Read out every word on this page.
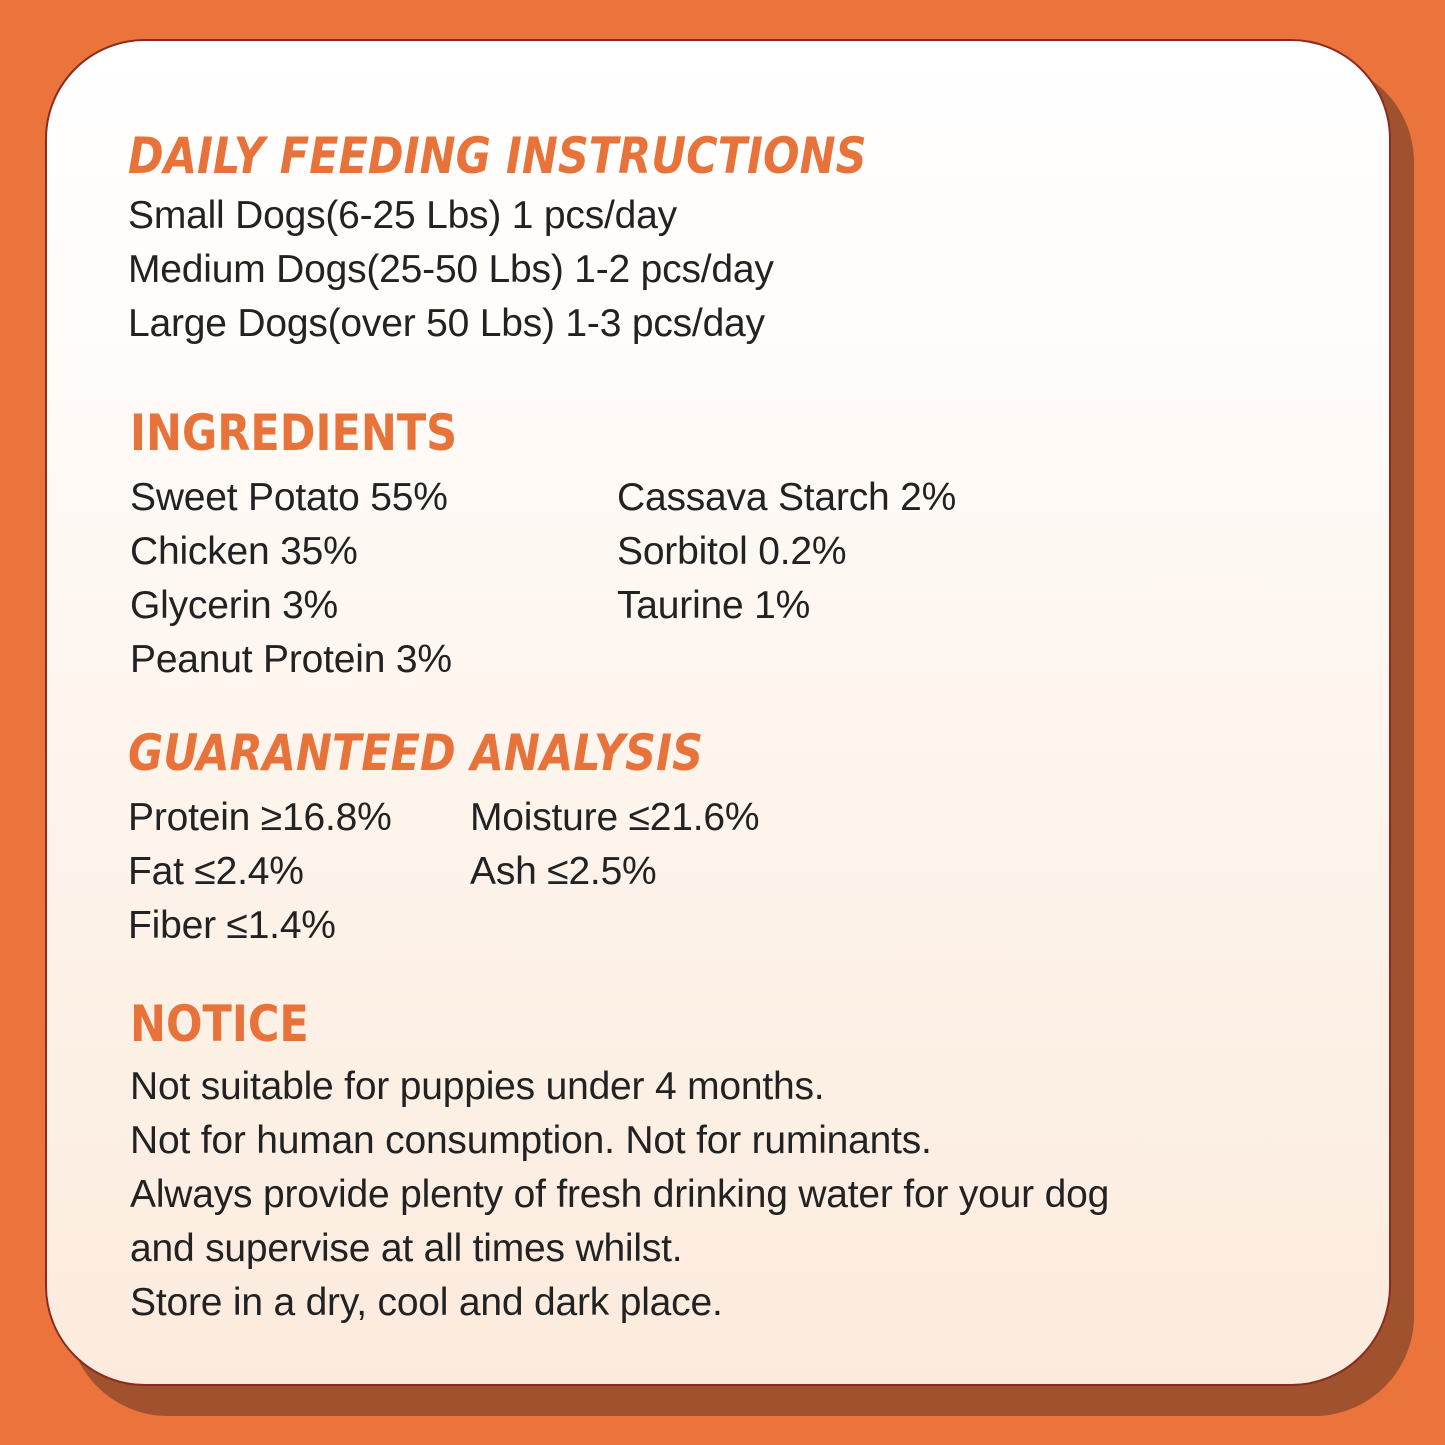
DAILY FEEDING INSTRUCTIONS
Small Dogs(6-25 Lbs) 1 pcs/day
Medium Dogs(25-50 Lbs) 1-2 pcs/day
Large Dogs(over 50 Lbs) 1-3 pcs/day
INGREDIENTS
Sweet Potato 55%
Chicken 35%
Glycerin 3%
Peanut Protein 3%
Cassava Starch 2%
Sorbitol 0.2%
Taurine 1%
GUARANTEED ANALYSIS
Protein ≥16.8%
Fat ≤2.4%
Fiber ≤1.4%
Moisture ≤21.6%
Ash ≤2.5%
NOTICE
Not suitable for puppies under 4 months.
Not for human consumption. Not for ruminants.
Always provide plenty of fresh drinking water for your dog
and supervise at all times whilst.
Store in a dry, cool and dark place.
